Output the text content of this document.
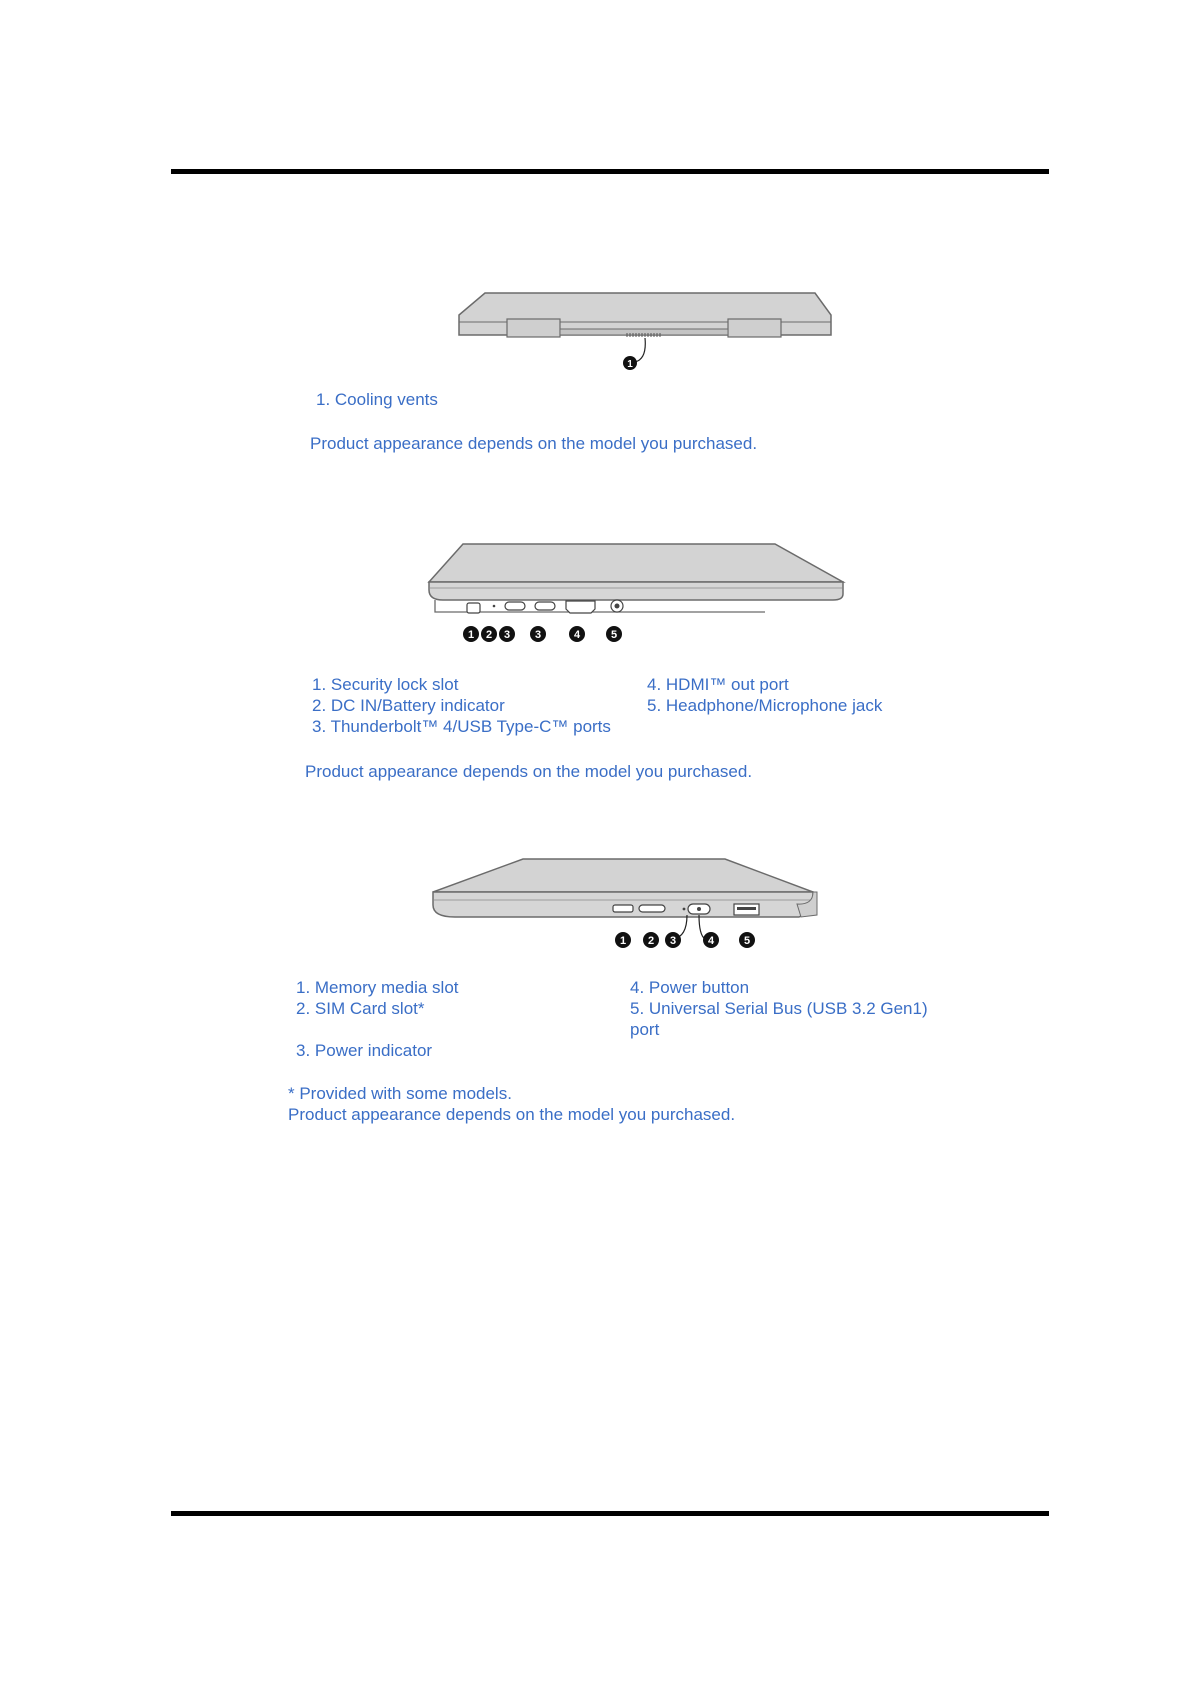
1
1. Cooling vents
Product appearance depends on the model you purchased.
1 2 3 3	4	5
1. Security lock slot
2. DC IN/Battery indicator
3. Thunderbolt™ 4/USB Type-C™ ports
4. HDMI™ out port
5. Headphone/Microphone jack
Product appearance depends on the model you purchased.
1 2 3	4	5
1. Memory media slot
2. SIM Card slot*
3. Power indicator
4. Power button
5. Universal Serial Bus (USB 3.2 Gen1)
port
* Provided with some models.
Product appearance depends on the model you purchased.
